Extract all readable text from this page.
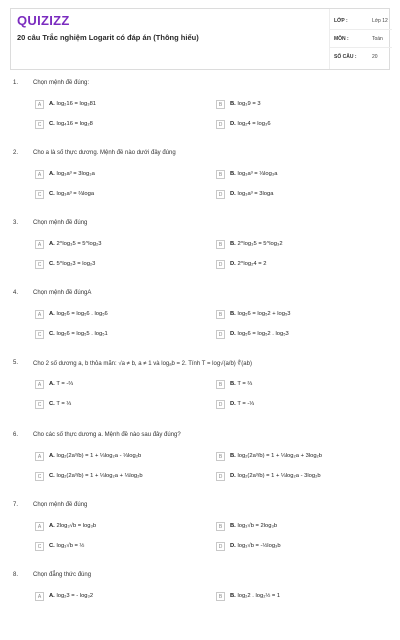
QUIZIZZ
20 câu Trắc nghiệm Logarit có đáp án (Thông hiểu)
LỚP :	Lớp 12
MÔN :	Toán
SỐ CÂU :	20
1. Chọn mệnh đề đúng:
A	A. log₂16 = log₃81	B	B. log₃9 = 3
C	C. log₄16 = log₂8	D	D. log₂4 = log₃6
2. Cho a là số thực dương. Mệnh đề nào dưới đây đúng
A	A. log₃a³ = 3log₃a	B	B. log₃a³ = ⅓log₃a
C	C. log₃a³ = ⅔loga	D	D. log₃a³ = 3loga
3. Chọn mệnh đề đúng
A	A. 2^log₃5 = 5^log₂3	B	B. 2^log₃5 = 5^log₃2
C	C. 5^log₂3 = log₂3	D	D. 2^log₂4 = 2
4. Chọn mệnh đề đúngA
A	A. log₅6 = log₅6 . log₅6	B	B. log₅6 = log₅2 + log₅3
C	C. log₅6 = log₅5 . log₅1	D	D. log₅6 = log₅2 . log₅3
5. Cho 2 số dương a, b thỏa mãn: √a ≠ b, a ≠ 1 và logₐb = 2. Tính T = log√(a/b) ∜(ab)
A	A. T = -⅔	B	B. T = ⅔
C	C. T = ⅓	D	D. T = -⅓
6. Cho các số thực dương a. Mệnh đề nào sau đây đúng?
A	A. log₂(2a³/b) = 1 + ⅓log₂a - ⅓log₂b	B	B. log₂(2a³/b) = 1 + ⅓log₂a + 3log₂b
C	C. log₂(2a³/b) = 1 + ⅓log₂a + ⅓log₂b	D	D. log₂(2a³/b) = 1 + ⅓log₂a - 3log₂b
7. Chọn mệnh đề đúng
A	A. 2log₃√b = log₃b	B	B. log₃√b = 2log₃b
C	C. log₃√b = ½	D	D. log₃√b = -½log₃b
8. Chọn đẳng thức đúng
A	A. log₂3 = - log₃2	B	B. log₂2 . log₂½ = 1
